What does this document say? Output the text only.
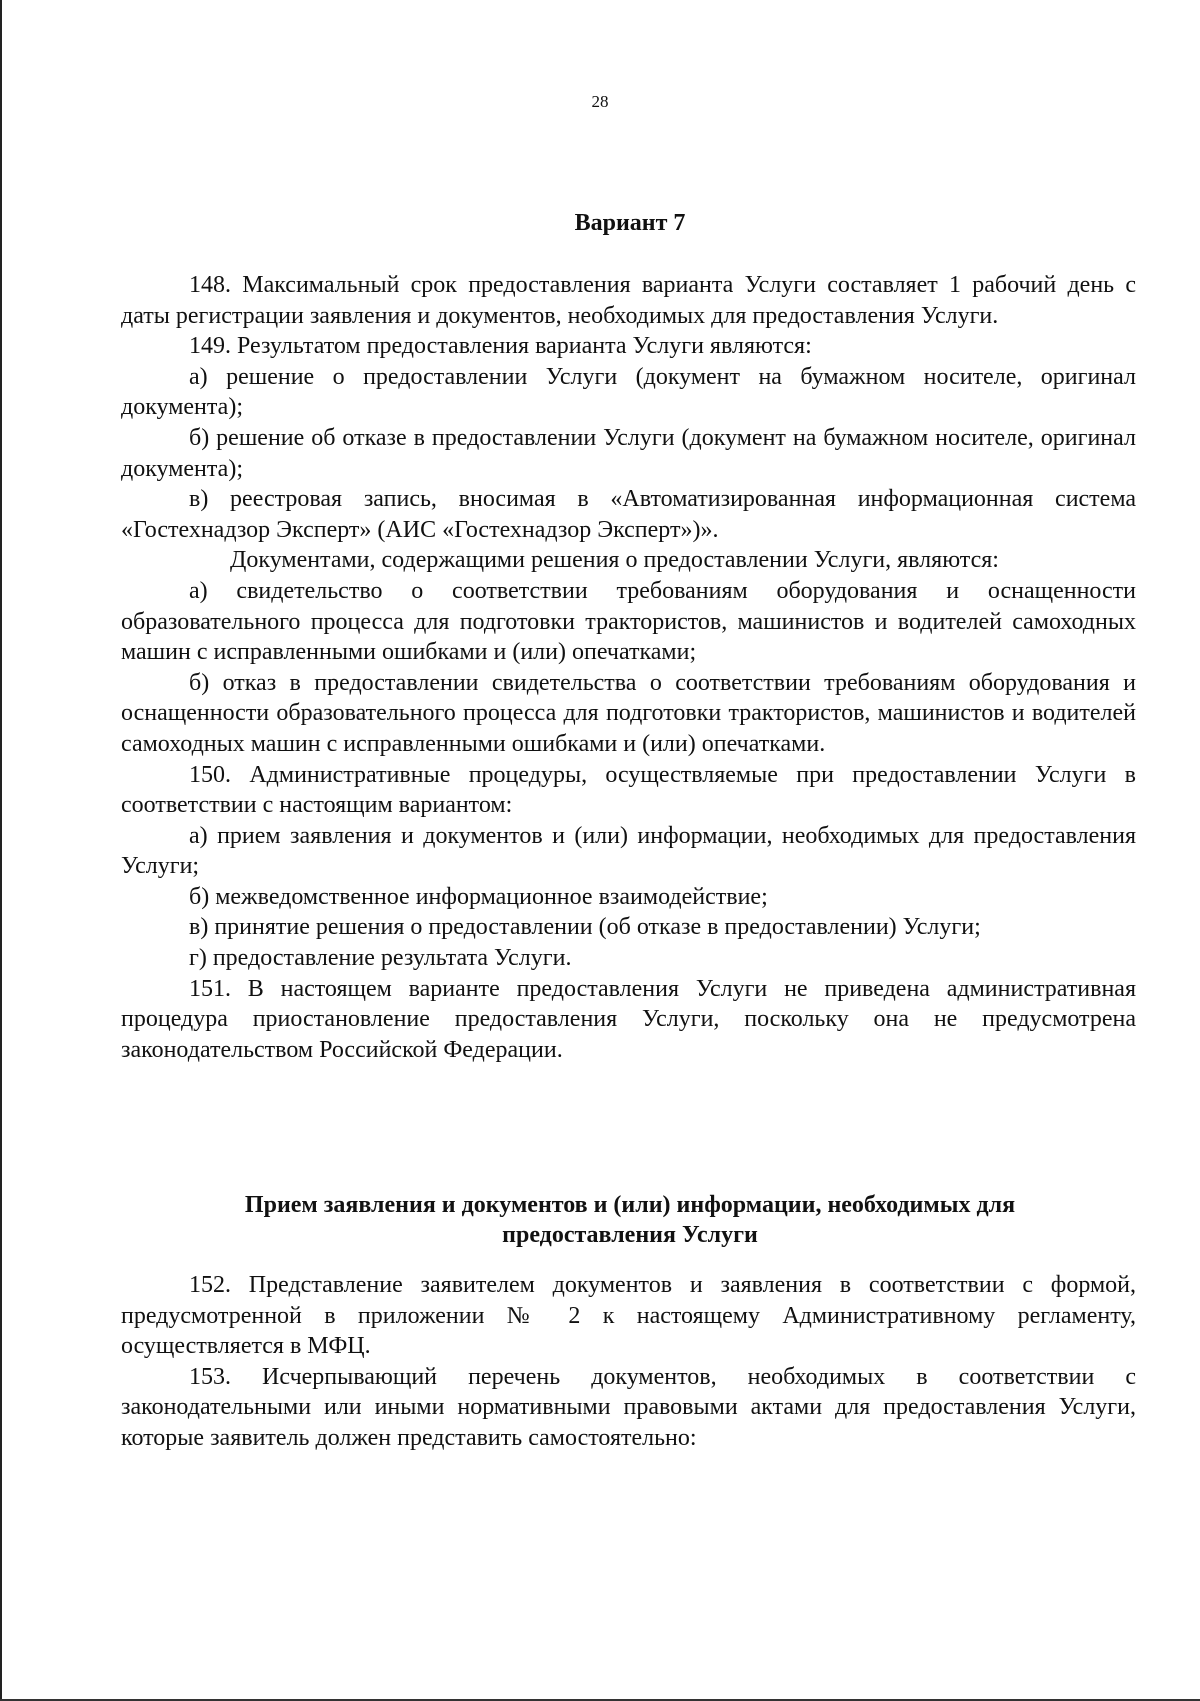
28
Вариант 7

148. Максимальный срок предоставления варианта Услуги составляет 1 рабочий день с даты регистрации заявления и документов, необходимых для предоставления Услуги.

149. Результатом предоставления варианта Услуги являются:

а) решение о предоставлении Услуги (документ на бумажном носителе, оригинал документа);

б) решение об отказе в предоставлении Услуги (документ на бумажном носителе, оригинал документа);

в) реестровая запись, вносимая в «Автоматизированная информационная система «Гостехнадзор Эксперт» (АИС «Гостехнадзор Эксперт»)».

Документами, содержащими решения о предоставлении Услуги, являются:

а) свидетельство о соответствии требованиям оборудования и оснащенности образовательного процесса для подготовки трактористов, машинистов и водителей самоходных машин с исправленными ошибками и (или) опечатками;

б) отказ в предоставлении свидетельства о соответствии требованиям оборудования и оснащенности образовательного процесса для подготовки трактористов, машинистов и водителей самоходных машин с исправленными ошибками и (или) опечатками.

150. Административные процедуры, осуществляемые при предоставлении Услуги в соответствии с настоящим вариантом:

а) прием заявления и документов и (или) информации, необходимых для предоставления Услуги;

б) межведомственное информационное взаимодействие;

в) принятие решения о предоставлении (об отказе в предоставлении) Услуги;

г) предоставление результата Услуги.

151. В настоящем варианте предоставления Услуги не приведена административная процедура приостановление предоставления Услуги, поскольку она не предусмотрена законодательством Российской Федерации.

Прием заявления и документов и (или) информации, необходимых для
предоставления Услуги

152. Представление заявителем документов и заявления в соответствии с формой, предусмотренной в приложении № 2 к настоящему Административному регламенту, осуществляется в МФЦ.

153. Исчерпывающий перечень документов, необходимых в соответствии с законодательными или иными нормативными правовыми актами для предоставления Услуги, которые заявитель должен представить самостоятельно:
